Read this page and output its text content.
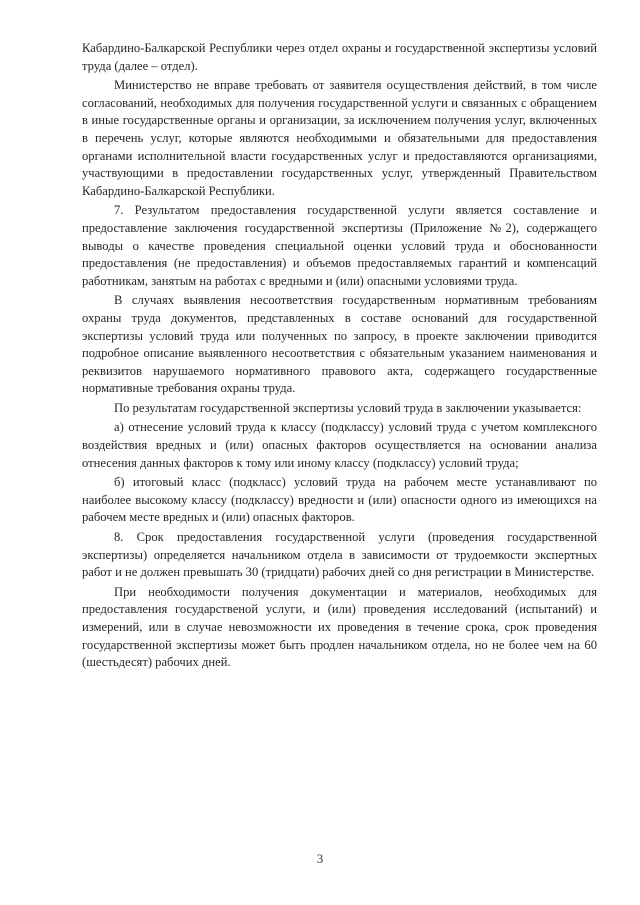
Кабардино-Балкарской Республики через отдел охраны и государственной экспертизы условий труда (далее – отдел).

Министерство не вправе требовать от заявителя осуществления действий, в том числе согласований, необходимых для получения государственной услуги и связанных с обращением в иные государственные органы и организации, за исключением получения услуг, включенных в перечень услуг, которые являются необходимыми и обязательными для предоставления органами исполнительной власти государственных услуг и предоставляются организациями, участвующими в предоставлении государственных услуг, утвержденный Правительством Кабардино-Балкарской Республики.

7. Результатом предоставления государственной услуги является составление и предоставление заключения государственной экспертизы (Приложение №2), содержащего выводы о качестве проведения специальной оценки условий труда и обоснованности предоставления (не предоставления) и объемов предоставляемых гарантий и компенсаций работникам, занятым на работах с вредными и (или) опасными условиями труда.

В случаях выявления несоответствия государственным нормативным требованиям охраны труда документов, представленных в составе оснований для государственной экспертизы условий труда или полученных по запросу, в проекте заключении приводится подробное описание выявленного несоответствия с обязательным указанием наименования и реквизитов нарушаемого нормативного правового акта, содержащего государственные нормативные требования охраны труда.

По результатам государственной экспертизы условий труда в заключении указывается:

а) отнесение условий труда к классу (подклассу) условий труда с учетом комплексного воздействия вредных и (или) опасных факторов осуществляется на основании анализа отнесения данных факторов к тому или иному классу (подклассу) условий труда;

б) итоговый класс (подкласс) условий труда на рабочем месте устанавливают по наиболее высокому классу (подклассу) вредности и (или) опасности одного из имеющихся на рабочем месте вредных и (или) опасных факторов.

8. Срок предоставления государственной услуги (проведения государственной экспертизы) определяется начальником отдела в зависимости от трудоемкости экспертных работ и не должен превышать 30 (тридцати) рабочих дней со дня регистрации в Министерстве.

При необходимости получения документации и материалов, необходимых для предоставления государственой услуги, и (или) проведения исследований (испытаний) и измерений, или в случае невозможности их проведения в течение срока, срок проведения государственной экспертизы может быть продлен начальником отдела, но не более чем на 60 (шестьдесят) рабочих дней.

3
